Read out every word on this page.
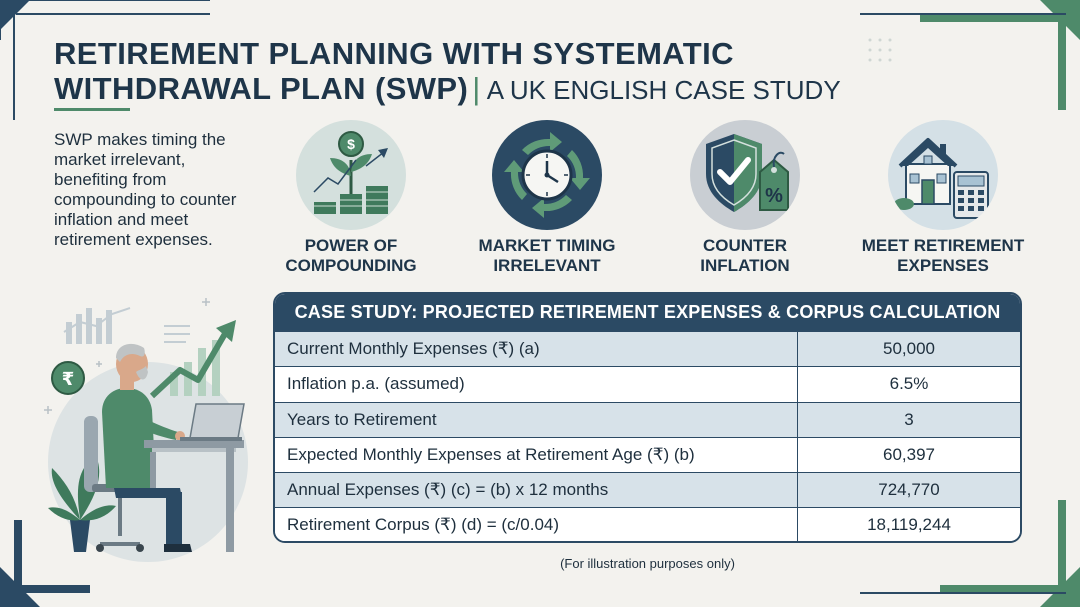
RETIREMENT PLANNING WITH SYSTEMATIC
WITHDRAWAL PLAN (SWP) | A UK ENGLISH CASE STUDY
SWP makes timing the market irrelevant, benefiting from compounding to counter inflation and meet retirement expenses.
$
POWER OF
COMPOUNDING
MARKET TIMING
IRRELEVANT
%
COUNTER
INFLATION
MEET RETIREMENT
EXPENSES
₹
CASE STUDY: PROJECTED RETIREMENT EXPENSES & CORPUS CALCULATION
Current Monthly Expenses (₹) (a)	50,000
Inflation p.a. (assumed)	6.5%
Years to Retirement	3
Expected Monthly Expenses at Retirement Age (₹) (b)	60,397
Annual Expenses (₹) (c) = (b) x 12 months	724,770
Retirement Corpus (₹) (d) = (c/0.04)	18,119,244
(For illustration purposes only)
